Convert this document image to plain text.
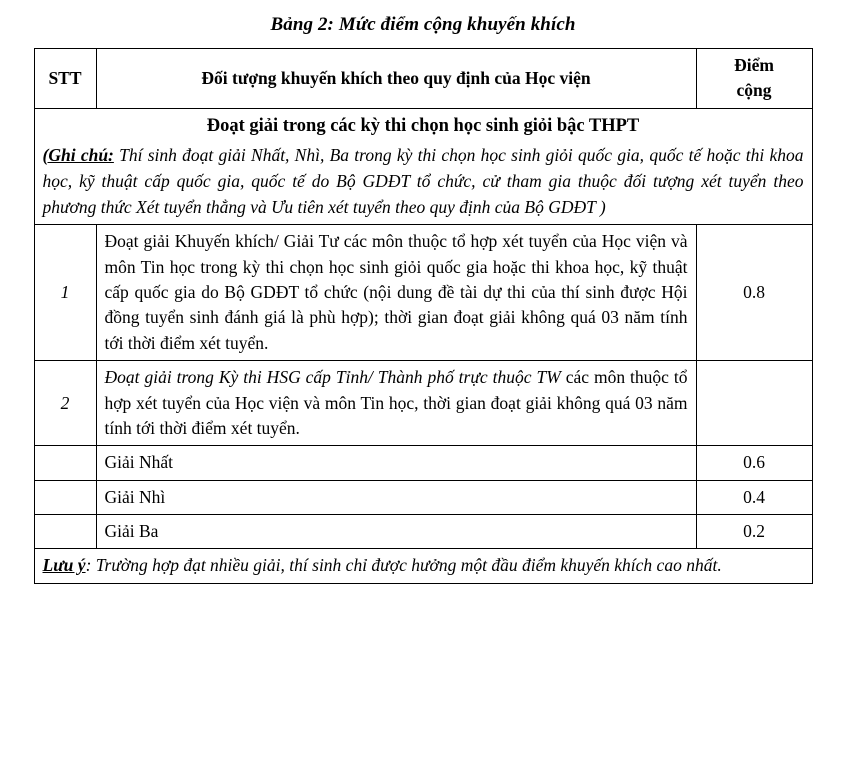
Bảng 2: Mức điểm cộng khuyến khích
STT	Đối tượng khuyến khích theo quy định của Học viện	Điểm
cộng

Đoạt giải trong các kỳ thi chọn học sinh giỏi bậc THPT
(Ghi chú: Thí sinh đoạt giải Nhất, Nhì, Ba trong kỳ thi chọn học sinh giỏi quốc gia, quốc tế hoặc thi khoa học, kỹ thuật cấp quốc gia, quốc tế do Bộ GDĐT tổ chức, cử tham gia thuộc đối tượng xét tuyển theo phương thức Xét tuyển thẳng và Ưu tiên xét tuyển theo quy định của Bộ GDĐT )		

1	Đoạt giải Khuyến khích/ Giải Tư các môn thuộc tổ hợp xét tuyển của Học viện và môn Tin học trong kỳ thi chọn học sinh giỏi quốc gia hoặc thi khoa học, kỹ thuật cấp quốc gia do Bộ GDĐT tổ chức (nội dung đề tài dự thi của thí sinh được Hội đồng tuyển sinh đánh giá là phù hợp); thời gian đoạt giải không quá 03 năm tính tới thời điểm xét tuyển.	0.8
2	Đoạt giải trong Kỳ thi HSG cấp Tỉnh/ Thành phố trực thuộc TW các môn thuộc tổ hợp xét tuyển của Học viện và môn Tin học, thời gian đoạt giải không quá 03 năm tính tới thời điểm xét tuyển.	
	Giải Nhất	0.6
	Giải Nhì	0.4
	Giải Ba	0.2
Lưu ý: Trường hợp đạt nhiều giải, thí sinh chỉ được hưởng một đầu điểm khuyến khích cao nhất.		
